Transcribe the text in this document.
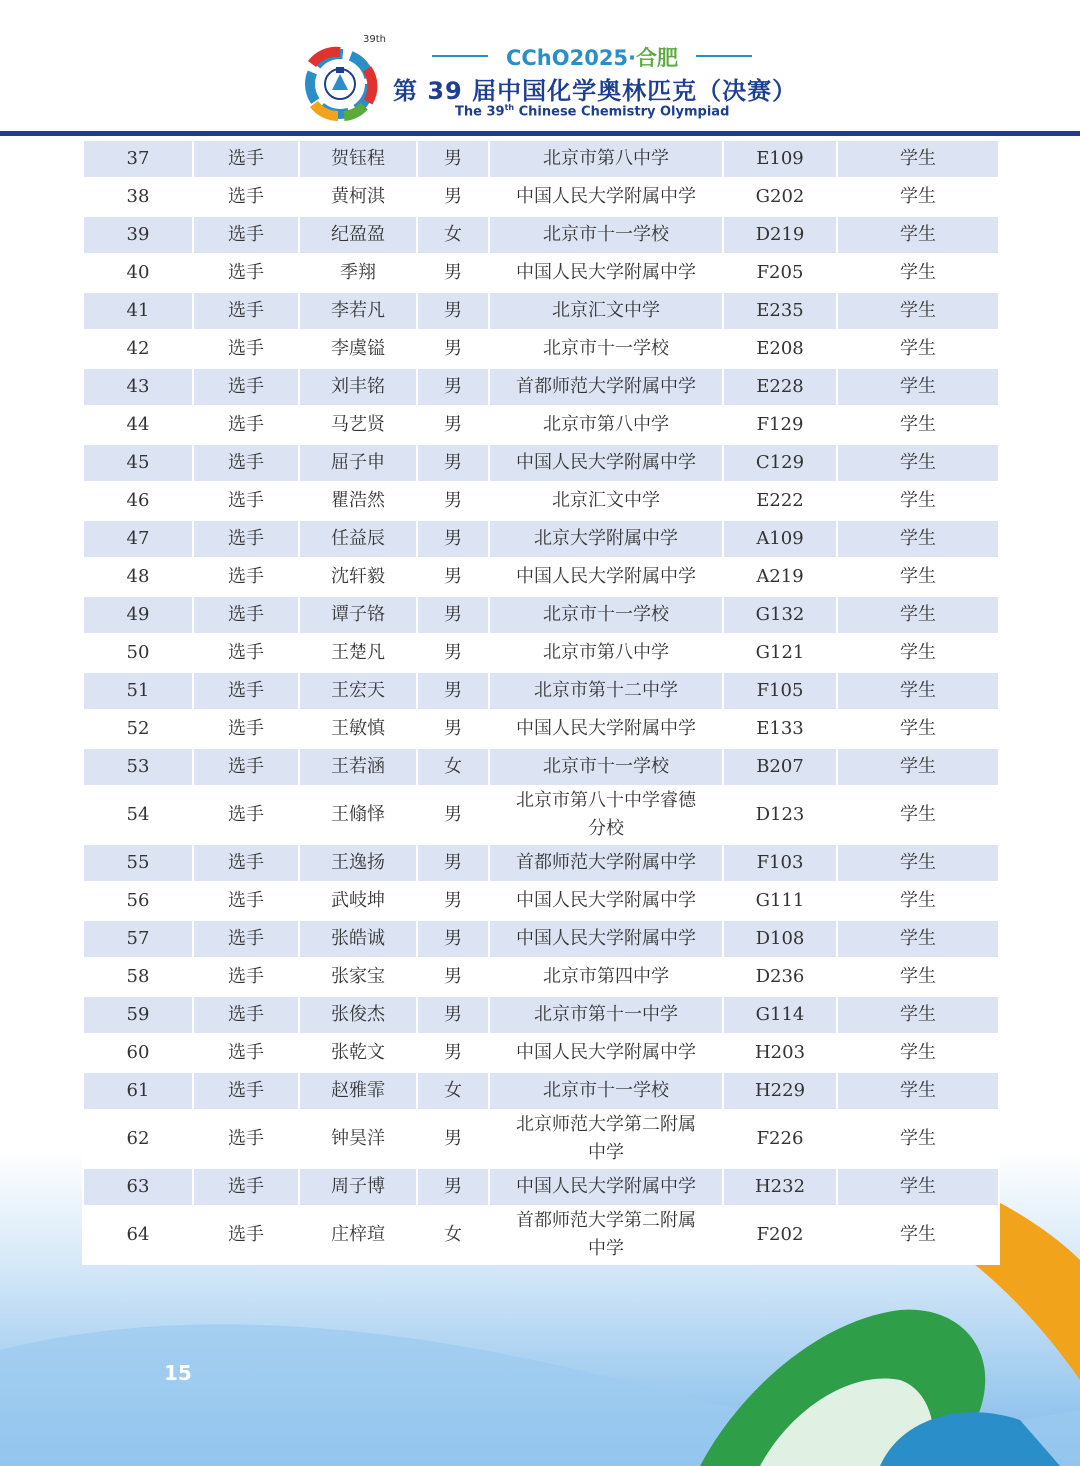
39th
CChO2025·合肥
第 39 届中国化学奥林匹克（决赛）
The 39th Chinese Chemistry Olympiad
37	选手	贺钰程	男	北京市第八中学	E109	学生
38	选手	黄柯淇	男	中国人民大学附属中学	G202	学生
39	选手	纪盈盈	女	北京市十一学校	D219	学生
40	选手	季翔	男	中国人民大学附属中学	F205	学生
41	选手	李若凡	男	北京汇文中学	E235	学生
42	选手	李虞镒	男	北京市十一学校	E208	学生
43	选手	刘丰铭	男	首都师范大学附属中学	E228	学生
44	选手	马艺贤	男	北京市第八中学	F129	学生
45	选手	屈子申	男	中国人民大学附属中学	C129	学生
46	选手	瞿浩然	男	北京汇文中学	E222	学生
47	选手	任益辰	男	北京大学附属中学	A109	学生
48	选手	沈轩毅	男	中国人民大学附属中学	A219	学生
49	选手	谭子铬	男	北京市十一学校	G132	学生
50	选手	王楚凡	男	北京市第八中学	G121	学生
51	选手	王宏天	男	北京市第十二中学	F105	学生
52	选手	王敏慎	男	中国人民大学附属中学	E133	学生
53	选手	王若涵	女	北京市十一学校	B207	学生
54	选手	王翛怿	男	北京市第八十中学睿德
分校	D123	学生
55	选手	王逸扬	男	首都师范大学附属中学	F103	学生
56	选手	武岐坤	男	中国人民大学附属中学	G111	学生
57	选手	张皓诚	男	中国人民大学附属中学	D108	学生
58	选手	张家宝	男	北京市第四中学	D236	学生
59	选手	张俊杰	男	北京市第十一中学	G114	学生
60	选手	张乾文	男	中国人民大学附属中学	H203	学生
61	选手	赵雅霏	女	北京市十一学校	H229	学生
62	选手	钟昊洋	男	北京师范大学第二附属
中学	F226	学生
63	选手	周子博	男	中国人民大学附属中学	H232	学生
64	选手	庄梓瑄	女	首都师范大学第二附属
中学	F202	学生
15
